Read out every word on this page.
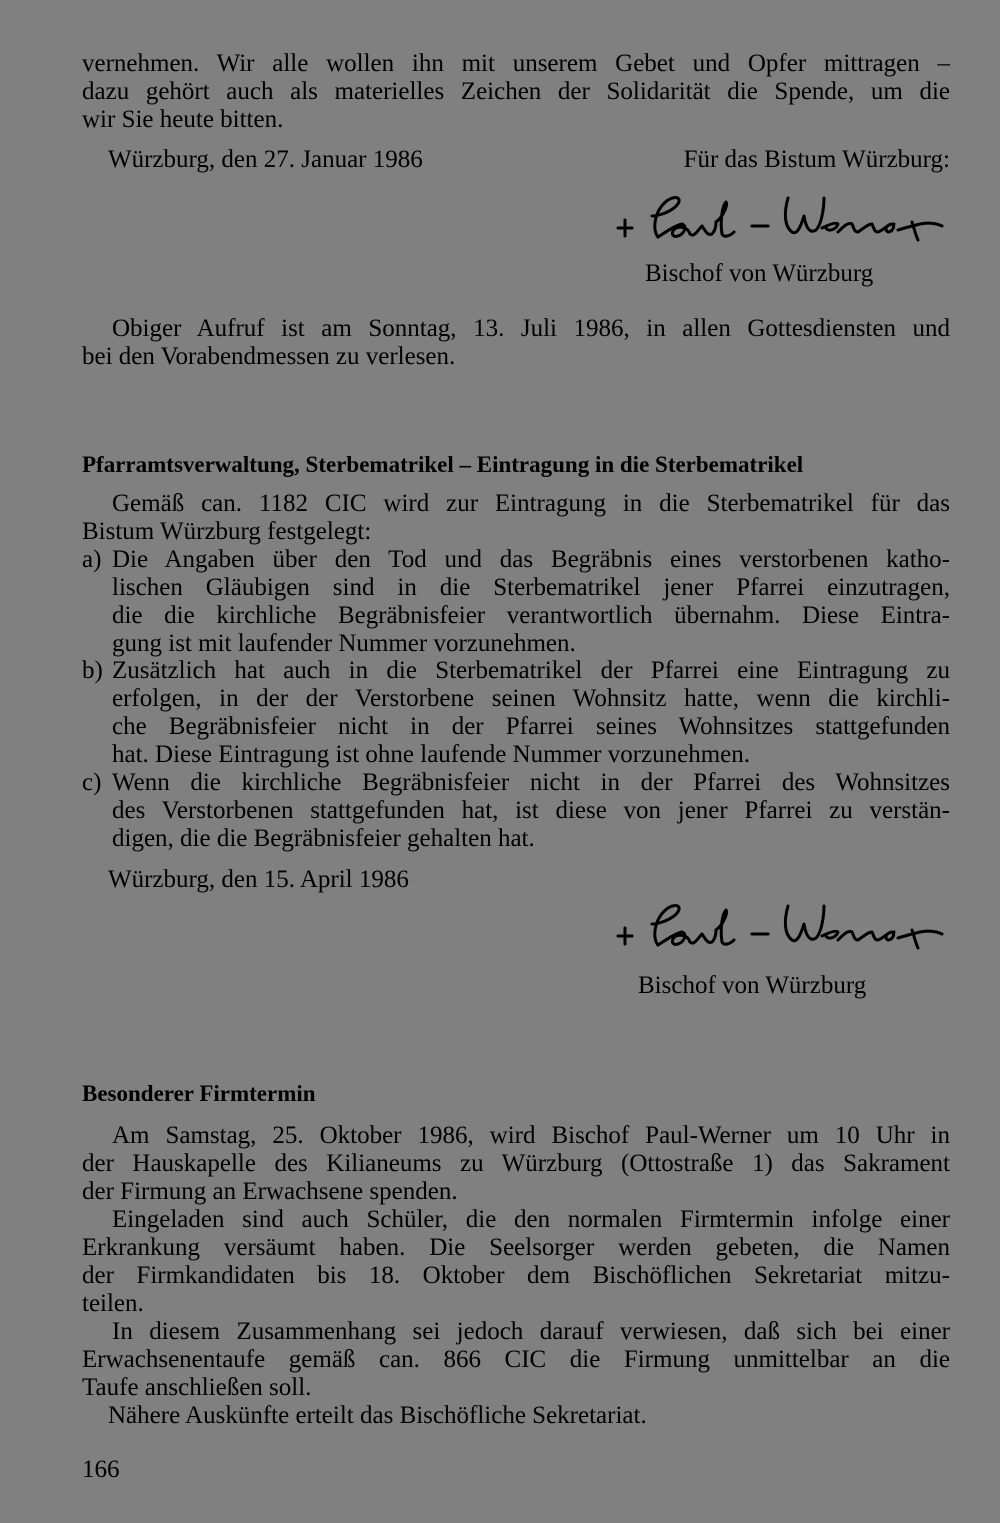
vernehmen. Wir alle wollen ihn mit unserem Gebet und Opfer mittragen –
dazu gehört auch als materielles Zeichen der Solidarität die Spende, um die
wir Sie heute bitten.
Würzburg, den 27. Januar 1986	Für das Bistum Würzburg:
Bischof von Würzburg
Obiger Aufruf ist am Sonntag, 13. Juli 1986, in allen Gottesdiensten und
bei den Vorabendmessen zu verlesen.
Pfarramtsverwaltung, Sterbematrikel – Eintragung in die Sterbematrikel
Gemäß can. 1182 CIC wird zur Eintragung in die Sterbematrikel für das
Bistum Würzburg festgelegt:
a) Die Angaben über den Tod und das Begräbnis eines verstorbenen katho-
lischen Gläubigen sind in die Sterbematrikel jener Pfarrei einzutragen,
die die kirchliche Begräbnisfeier verantwortlich übernahm. Diese Eintra-
gung ist mit laufender Nummer vorzunehmen.
b) Zusätzlich hat auch in die Sterbematrikel der Pfarrei eine Eintragung zu
erfolgen, in der der Verstorbene seinen Wohnsitz hatte, wenn die kirchli-
che Begräbnisfeier nicht in der Pfarrei seines Wohnsitzes stattgefunden
hat. Diese Eintragung ist ohne laufende Nummer vorzunehmen.
c) Wenn die kirchliche Begräbnisfeier nicht in der Pfarrei des Wohnsitzes
des Verstorbenen stattgefunden hat, ist diese von jener Pfarrei zu verstän-
digen, die die Begräbnisfeier gehalten hat.
Würzburg, den 15. April 1986
Bischof von Würzburg
Besonderer Firmtermin
Am Samstag, 25. Oktober 1986, wird Bischof Paul-Werner um 10 Uhr in
der Hauskapelle des Kilianeums zu Würzburg (Ottostraße 1) das Sakrament
der Firmung an Erwachsene spenden.
Eingeladen sind auch Schüler, die den normalen Firmtermin infolge einer
Erkrankung versäumt haben. Die Seelsorger werden gebeten, die Namen
der Firmkandidaten bis 18. Oktober dem Bischöflichen Sekretariat mitzu-
teilen.
In diesem Zusammenhang sei jedoch darauf verwiesen, daß sich bei einer
Erwachsenentaufe gemäß can. 866 CIC die Firmung unmittelbar an die
Taufe anschließen soll.
Nähere Auskünfte erteilt das Bischöfliche Sekretariat.
166
